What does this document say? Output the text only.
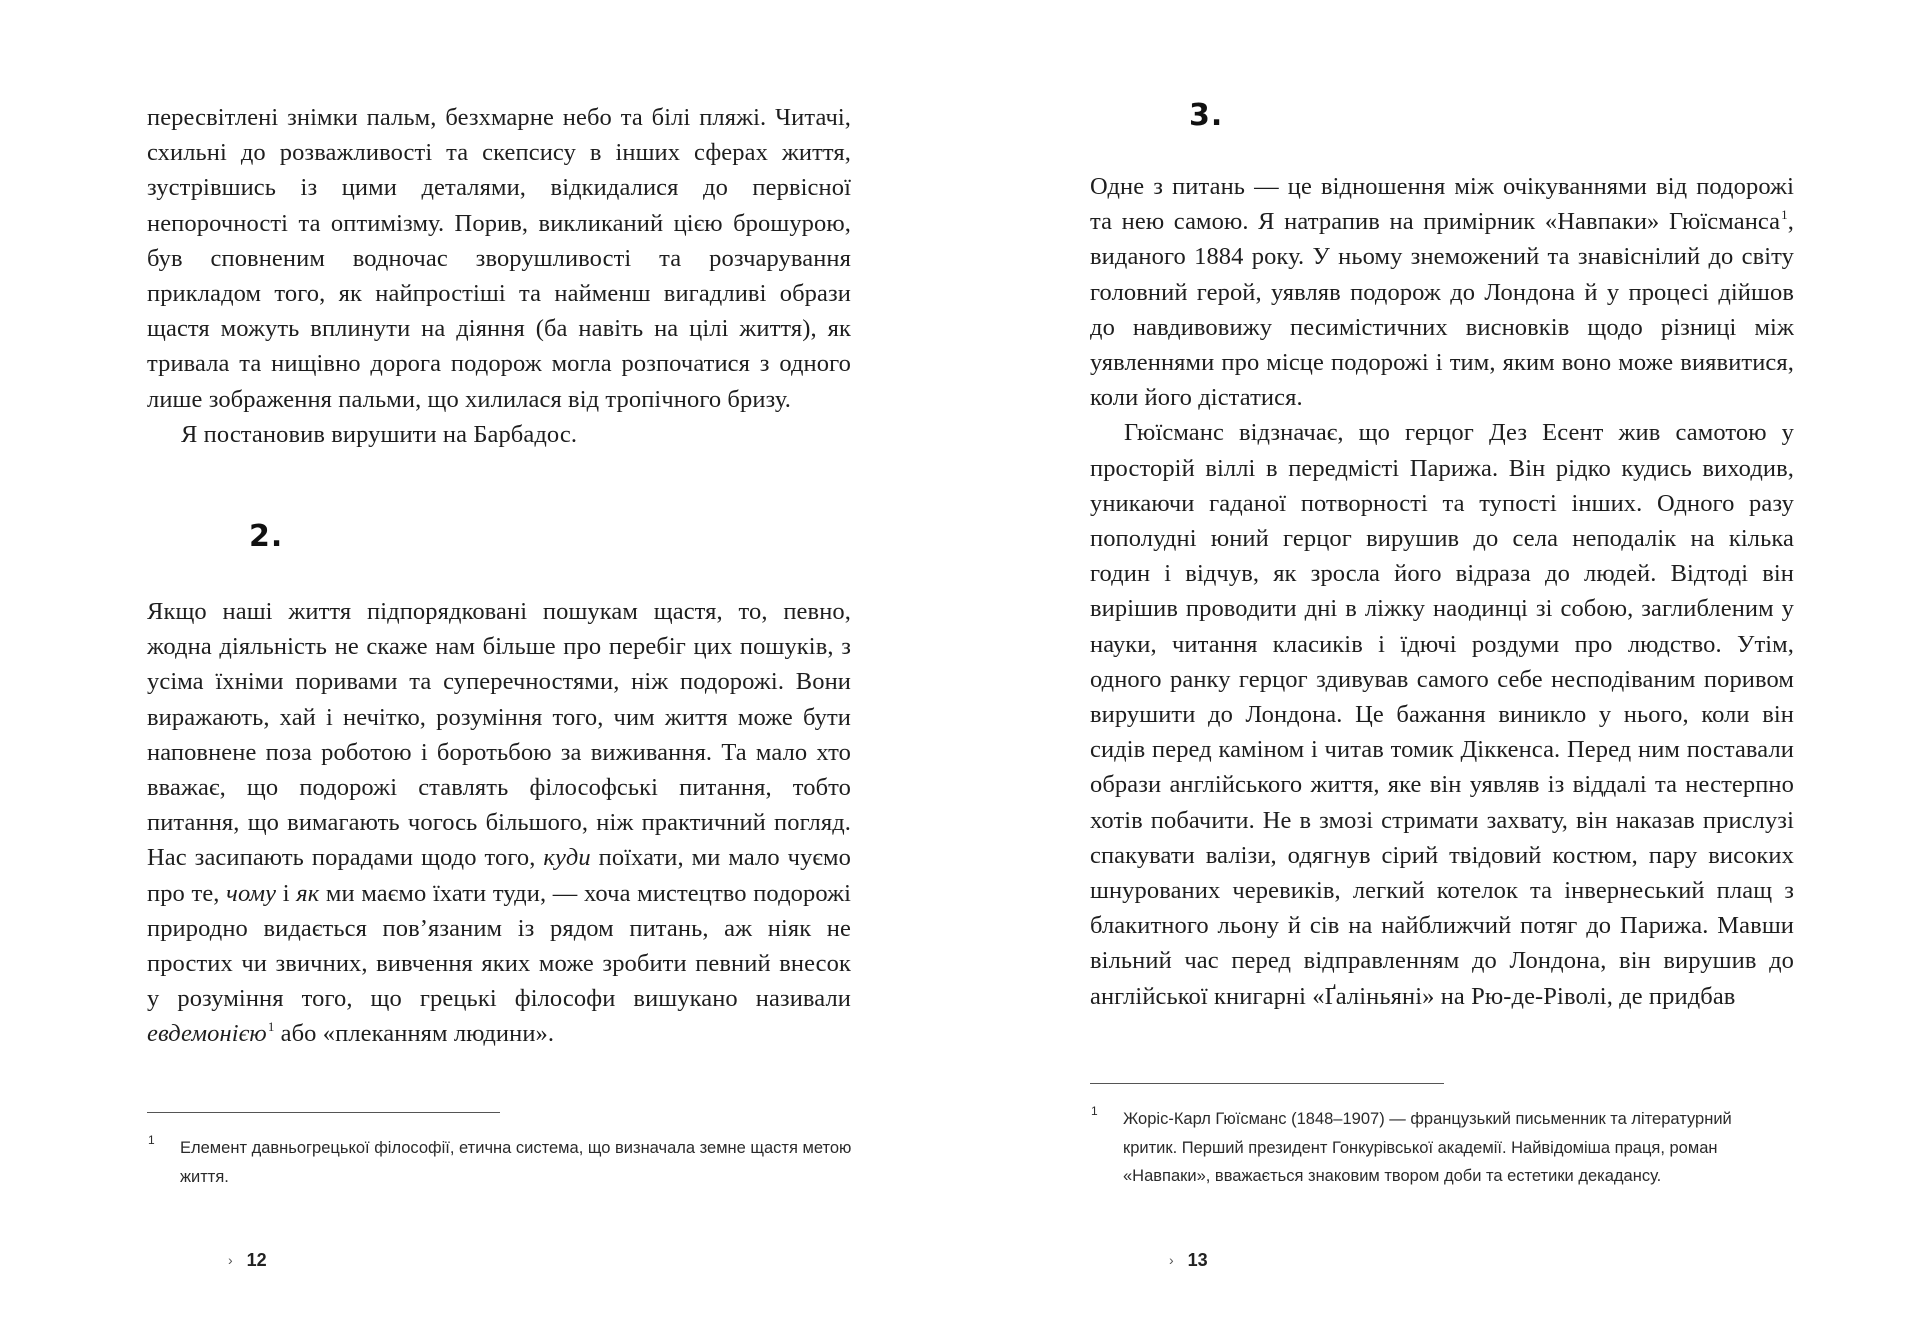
пересвітлені знімки пальм, безхмарне небо та білі пляжі. Читачі, схильні до розважливості та скепсису в інших сферах життя, зустрівшись із цими деталями, відкидалися до первісної непорочності та оптимізму. Порив, викликаний цією брошурою, був сповненим водночас зворушливості та розчарування прикладом того, як найпростіші та найменш вигадливі образи щастя можуть вплинути на діяння (ба навіть на цілі життя), як тривала та нищівно дорога подорож могла розпочатися з одного лише зображення пальми, що хилилася від тропічного бризу.

Я постановив вирушити на Барбадос.

2.

Якщо наші життя підпорядковані пошукам щастя, то, певно, жодна діяльність не скаже нам більше про перебіг цих пошуків, з усіма їхніми поривами та суперечностями, ніж подорожі. Вони виражають, хай і нечітко, розуміння того, чим життя може бути наповнене поза роботою і боротьбою за виживання. Та мало хто вважає, що подорожі ставлять філософські питання, тобто питання, що вимагають чогось більшого, ніж практичний погляд. Нас засипають порадами щодо того, куди поїхати, ми мало чуємо про те, чому і як ми маємо їхати туди, — хоча мистецтво подорожі природно видається пов’язаним із рядом питань, аж ніяк не простих чи звичних, вивчення яких може зробити певний внесок у розуміння того, що грецькі філософи вишукано називали евдемонією$^1$ або «плеканням людини».

1 Елемент давньогрецької філософії, етична система, що визначала земне щастя метою життя.
› 12
3.

Одне з питань — це відношення між очікуваннями від подорожі та нею самою. Я натрапив на примірник «Навпаки» Гюїсманса$^1$, виданого 1884 року. У ньому знеможений та знавіснілий до світу головний герой, уявляв подорож до Лондона й у процесі дійшов до навдивовижу песимістичних висновків щодо різниці між уявленнями про місце подорожі і тим, яким воно може виявитися, коли його дістатися.

Гюїсманс відзначає, що герцог Дез Есент жив самотою у просторій віллі в передмісті Парижа. Він рідко кудись виходив, уникаючи гаданої потворності та тупості інших. Одного разу пополудні юний герцог вирушив до села неподалік на кілька годин і відчув, як зросла його відраза до людей. Відтоді він вирішив проводити дні в ліжку наодинці зі собою, заглибленим у науки, читання класиків і їдючі роздуми про людство. Утім, одного ранку герцог здивував самого себе несподіваним поривом вирушити до Лондона. Це бажання виникло у нього, коли він сидів перед каміном і читав томик Діккенса. Перед ним поставали образи англійського життя, яке він уявляв із віддалі та нестерпно хотів побачити. Не в змозі стримати захвату, він наказав прислузі спакувати валізи, одягнув сірий твідовий костюм, пару високих шнурованих черевиків, легкий котелок та інвернеський плащ з блакитного льону й сів на найближчий потяг до Парижа. Мавши вільний час перед відправленням до Лондона, він вирушив до англійської книгарні «Ґаліньяні» на Рю-де-Ріволі, де придбав

1 Жоріс-Карл Гюїсманс (1848–1907) — французький письменник та літературний критик. Перший президент Гонкурівської академії. Найвідоміша праця, роман «Навпаки», вважається знаковим твором доби та естетики декадансу.
› 13
